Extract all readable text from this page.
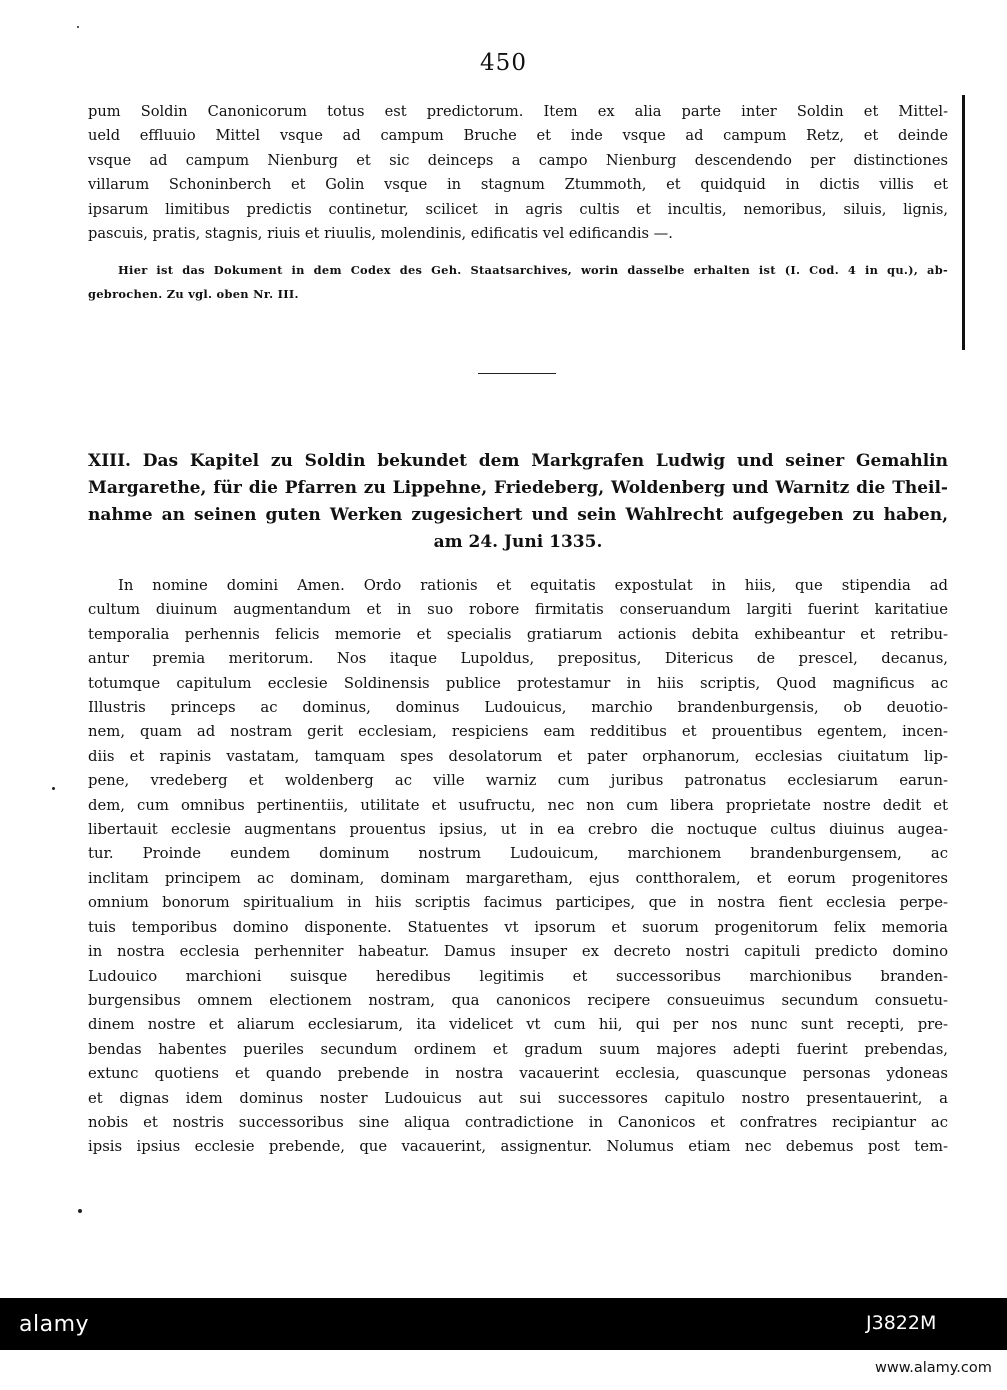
450
pum Soldin Canonicorum totus est predictorum. Item ex alia parte inter Soldin et Mittel-
ueld effluuio Mittel vsque ad campum Bruche et inde vsque ad campum Retz, et deinde
vsque ad campum Nienburg et sic deinceps a campo Nienburg descendendo per distinctiones
villarum Schoninberch et Golin vsque in stagnum Ztummoth, et quidquid in dictis villis et
ipsarum limitibus predictis continetur, scilicet in agris cultis et incultis, nemoribus, siluis, lignis,
pascuis, pratis, stagnis, riuis et riuulis, molendinis, edificatis vel edificandis —.
Hier ist das Dokument in dem Codex des Geh. Staatsarchives, worin dasselbe erhalten ist (I. Cod. 4 in qu.), ab-
gebrochen. Zu vgl. oben Nr. III.
XIII. Das Kapitel zu Soldin bekundet dem Markgrafen Ludwig und seiner Gemahlin
Margarethe, für die Pfarren zu Lippehne, Friedeberg, Woldenberg und Warnitz die Theil-
nahme an seinen guten Werken zugesichert und sein Wahlrecht aufgegeben zu haben,
am 24. Juni 1335.
In nomine domini Amen. Ordo rationis et equitatis expostulat in hiis, que stipendia ad
cultum diuinum augmentandum et in suo robore firmitatis conseruandum largiti fuerint karitatiue
temporalia perhennis felicis memorie et specialis gratiarum actionis debita exhibeantur et retribu-
antur premia meritorum. Nos itaque Lupoldus, prepositus, Ditericus de prescel, decanus,
totumque capitulum ecclesie Soldinensis publice protestamur in hiis scriptis, Quod magnificus ac
Illustris princeps ac dominus, dominus Ludouicus, marchio brandenburgensis, ob deuotio-
nem, quam ad nostram gerit ecclesiam, respiciens eam redditibus et prouentibus egentem, incen-
diis et rapinis vastatam, tamquam spes desolatorum et pater orphanorum, ecclesias ciuitatum lip-
pene, vredeberg et woldenberg ac ville warniz cum juribus patronatus ecclesiarum earun-
dem, cum omnibus pertinentiis, utilitate et usufructu, nec non cum libera proprietate nostre dedit et
libertauit ecclesie augmentans prouentus ipsius, ut in ea crebro die noctuque cultus diuinus augea-
tur. Proinde eundem dominum nostrum Ludouicum, marchionem brandenburgensem, ac
inclitam principem ac dominam, dominam margaretham, ejus contthoralem, et eorum progenitores
omnium bonorum spiritualium in hiis scriptis facimus participes, que in nostra fient ecclesia perpe-
tuis temporibus domino disponente. Statuentes vt ipsorum et suorum progenitorum felix memoria
in nostra ecclesia perhenniter habeatur. Damus insuper ex decreto nostri capituli predicto domino
Ludouico marchioni suisque heredibus legitimis et successoribus marchionibus branden-
burgensibus omnem electionem nostram, qua canonicos recipere consueuimus secundum consuetu-
dinem nostre et aliarum ecclesiarum, ita videlicet vt cum hii, qui per nos nunc sunt recepti, pre-
bendas habentes pueriles secundum ordinem et gradum suum majores adepti fuerint prebendas,
extunc quotiens et quando prebende in nostra vacauerint ecclesia, quascunque personas ydoneas
et dignas idem dominus noster Ludouicus aut sui successores capitulo nostro presentauerint, a
nobis et nostris successoribus sine aliqua contradictione in Canonicos et confratres recipiantur ac
ipsis ipsius ecclesie prebende, que vacauerint, assignentur. Nolumus etiam nec debemus post tem-
alamy	J3822M
www.alamy.com
